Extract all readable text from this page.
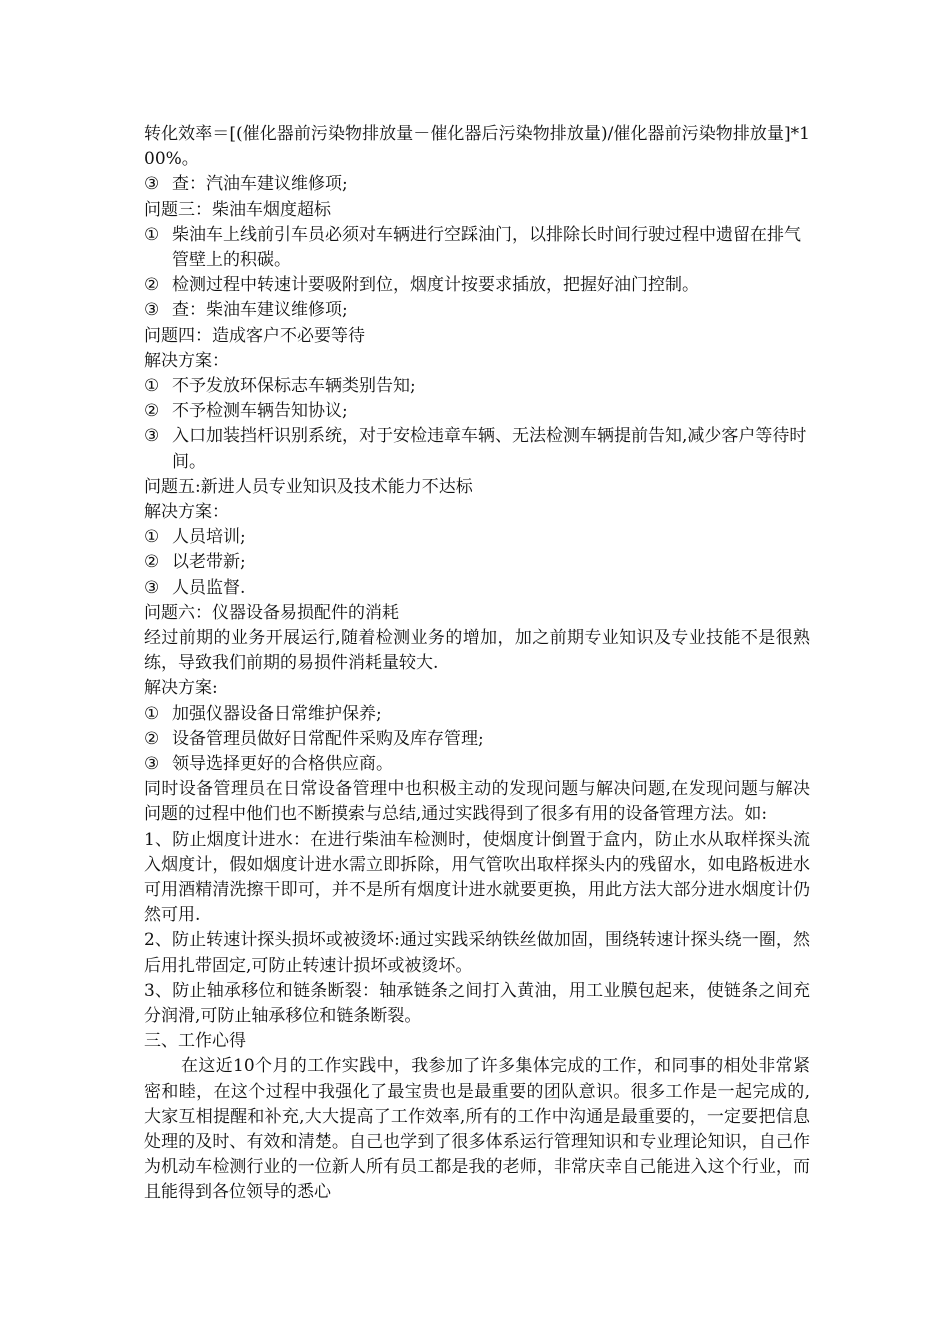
转化效率＝[(催化器前污染物排放量－催化器后污染物排放量)/催化器前污染物排放量]*100%。
③ 查：汽油车建议维修项;
问题三：柴油车烟度超标
① 柴油车上线前引车员必须对车辆进行空踩油门，以排除长时间行驶过程中遗留在排气管壁上的积碳。
② 检测过程中转速计要吸附到位，烟度计按要求插放，把握好油门控制。
③ 查：柴油车建议维修项;
问题四：造成客户不必要等待
解决方案：
① 不予发放环保标志车辆类别告知;
② 不予检测车辆告知协议;
③ 入口加装挡杆识别系统，对于安检违章车辆、无法检测车辆提前告知,减少客户等待时间。
问题五:新进人员专业知识及技术能力不达标
解决方案：
① 人员培训;
② 以老带新;
③ 人员监督.
问题六：仪器设备易损配件的消耗
经过前期的业务开展运行,随着检测业务的增加，加之前期专业知识及专业技能不是很熟练，导致我们前期的易损件消耗量较大.
解决方案:
① 加强仪器设备日常维护保养;
② 设备管理员做好日常配件采购及库存管理;
③ 领导选择更好的合格供应商。
同时设备管理员在日常设备管理中也积极主动的发现问题与解决问题,在发现问题与解决问题的过程中他们也不断摸索与总结,通过实践得到了很多有用的设备管理方法。如:
1、防止烟度计进水：在进行柴油车检测时，使烟度计倒置于盒内，防止水从取样探头流入烟度计，假如烟度计进水需立即拆除，用气管吹出取样探头内的残留水，如电路板进水可用酒精清洗擦干即可，并不是所有烟度计进水就要更换，用此方法大部分进水烟度计仍然可用.
2、防止转速计探头损坏或被烫坏:通过实践采纳铁丝做加固，围绕转速计探头绕一圈，然后用扎带固定,可防止转速计损坏或被烫坏。
3、防止轴承移位和链条断裂：轴承链条之间打入黄油，用工业膜包起来，使链条之间充分润滑,可防止轴承移位和链条断裂。
三、工作心得
在这近10个月的工作实践中，我参加了许多集体完成的工作，和同事的相处非常紧密和睦，在这个过程中我强化了最宝贵也是最重要的团队意识。很多工作是一起完成的,大家互相提醒和补充,大大提高了工作效率,所有的工作中沟通是最重要的，一定要把信息处理的及时、有效和清楚。自己也学到了很多体系运行管理知识和专业理论知识，自己作为机动车检测行业的一位新人所有员工都是我的老师，非常庆幸自己能进入这个行业，而且能得到各位领导的悉心
